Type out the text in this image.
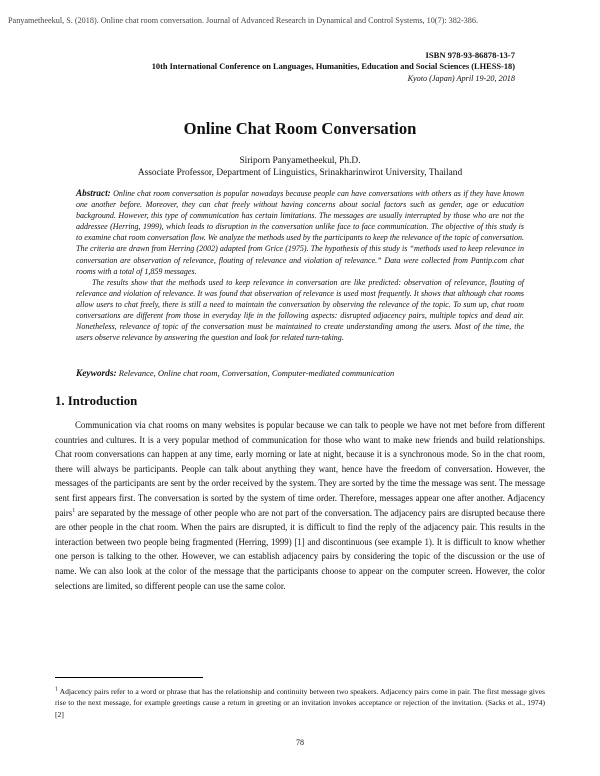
Panyametheekul, S. (2018). Online chat room conversation. Journal of Advanced Research in Dynamical and Control Systems, 10(7): 382-386.

ISBN 978-93-86878-13-7

10th International Conference on Languages, Humanities, Education and Social Sciences (LHESS-18)

Kyoto (Japan) April 19-20, 2018

Online Chat Room Conversation

Siriporn Panyametheekul, Ph.D.

Associate Professor, Department of Linguistics, Srinakharinwirot University, Thailand

Abstract: Online chat room conversation is popular nowadays because people can have conversations with others as if they have known one another before. Moreover, they can chat freely without having concerns about social factors such as gender, age or education background. However, this type of communication has certain limitations. The messages are usually interrupted by those who are not the addressee (Herring, 1999), which leads to disruption in the conversation unlike face to face communication. The objective of this study is to examine chat room conversation flow. We analyze the methods used by the participants to keep the relevance of the topic of conversation. The criteria are drawn from Herring (2002) adapted from Grice (1975). The hypothesis of this study is “methods used to keep relevance in conversation are observation of relevance, flouting of relevance and violation of relevance.” Data were collected from Pantip.com chat rooms with a total of 1,859 messages.

The results show that the methods used to keep relevance in conversation are like predicted: observation of relevance, flouting of relevance and violation of relevance. It was found that observation of relevance is used most frequently. It shows that although chat rooms allow users to chat freely, there is still a need to maintain the conversation by observing the relevance of the topic. To sum up, chat room conversations are different from those in everyday life in the following aspects: disrupted adjacency pairs, multiple topics and dead air. Nonetheless, relevance of topic of the conversation must be maintained to create understanding among the users. Most of the time, the users observe relevance by answering the question and look for related turn-taking.

Keywords: Relevance, Online chat room, Conversation, Computer-mediated communication

1. Introduction

Communication via chat rooms on many websites is popular because we can talk to people we have not met before from different countries and cultures. It is a very popular method of communication for those who want to make new friends and build relationships. Chat room conversations can happen at any time, early morning or late at night, because it is a synchronous mode. So in the chat room, there will always be participants. People can talk about anything they want, hence have the freedom of conversation. However, the messages of the participants are sent by the order received by the system. They are sorted by the time the message was sent. The message sent first appears first. The conversation is sorted by the system of time order. Therefore, messages appear one after another. Adjacency pairs$^1$ are separated by the message of other people who are not part of the conversation. The adjacency pairs are disrupted because there are other people in the chat room. When the pairs are disrupted, it is difficult to find the reply of the adjacency pair. This results in the interaction between two people being fragmented (Herring, 1999) [1] and discontinuous (see example 1). It is difficult to know whether one person is talking to the other. However, we can establish adjacency pairs by considering the topic of the discussion or the use of name. We can also look at the color of the message that the participants choose to appear on the computer screen. However, the color selections are limited, so different people can use the same color.

$^1$ Adjacency pairs refer to a word or phrase that has the relationship and continuity between two speakers. Adjacency pairs come in pair. The first message gives rise to the next message, for example greetings cause a return in greeting or an invitation invokes acceptance or rejection of the invitation. (Sacks et al., 1974) [2]

78
